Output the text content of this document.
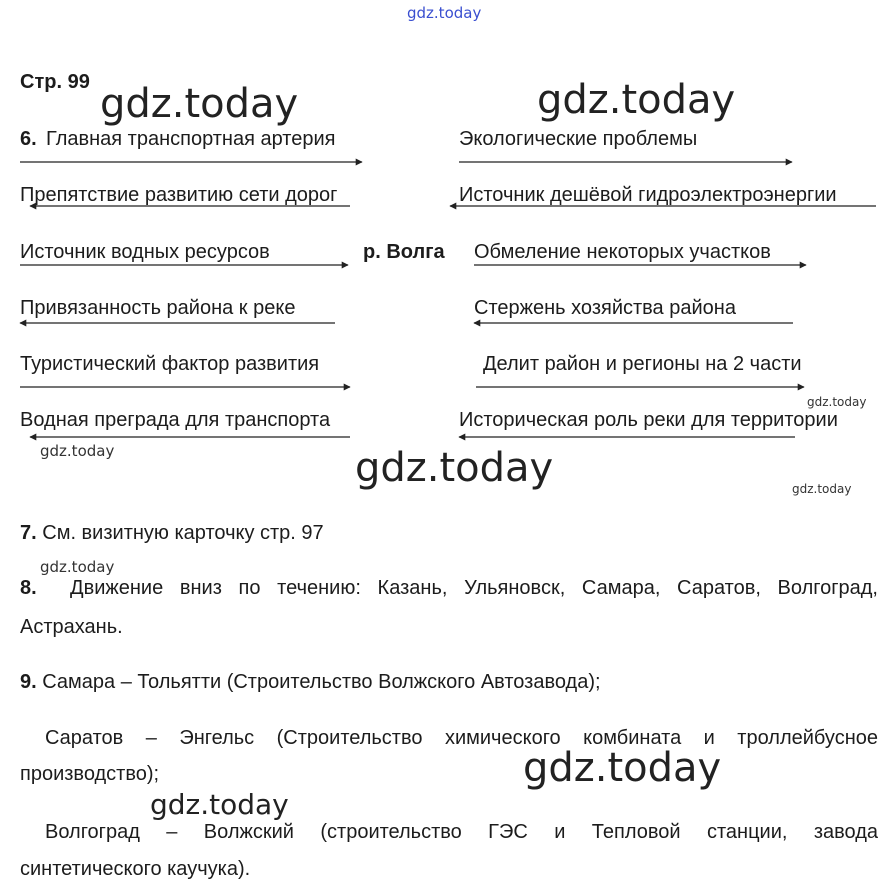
gdz.today
Стр. 99 gdz.today	gdz.today
gdz.today
gdz.today
gdz.today
gdz.today
gdz.today
gdz.today
gdz.today
6. Главная транспортная артерия
Препятствие развитию сети дорог
Источник водных ресурсов
Привязанность района к реке
Туристический фактор развития
Водная преграда для транспорта
р. Волга
Экологические проблемы
Источник дешёвой гидроэлектроэнергии
Обмеление некоторых участков
Стержень хозяйства района
Делит район и регионы на 2 части
Историческая роль реки для территории
7. См. визитную карточку стр. 97
8. Движение вниз по течению: Казань, Ульяновск, Самара, Саратов, Волгоград,
Астрахань.
9. Самара – Тольятти (Строительство Волжского Автозавода);
Саратов – Энгельс (Строительство химического комбината и троллейбусное
производство);
Волгоград – Волжский (строительство ГЭС и Тепловой станции, завода
синтетического каучука).
